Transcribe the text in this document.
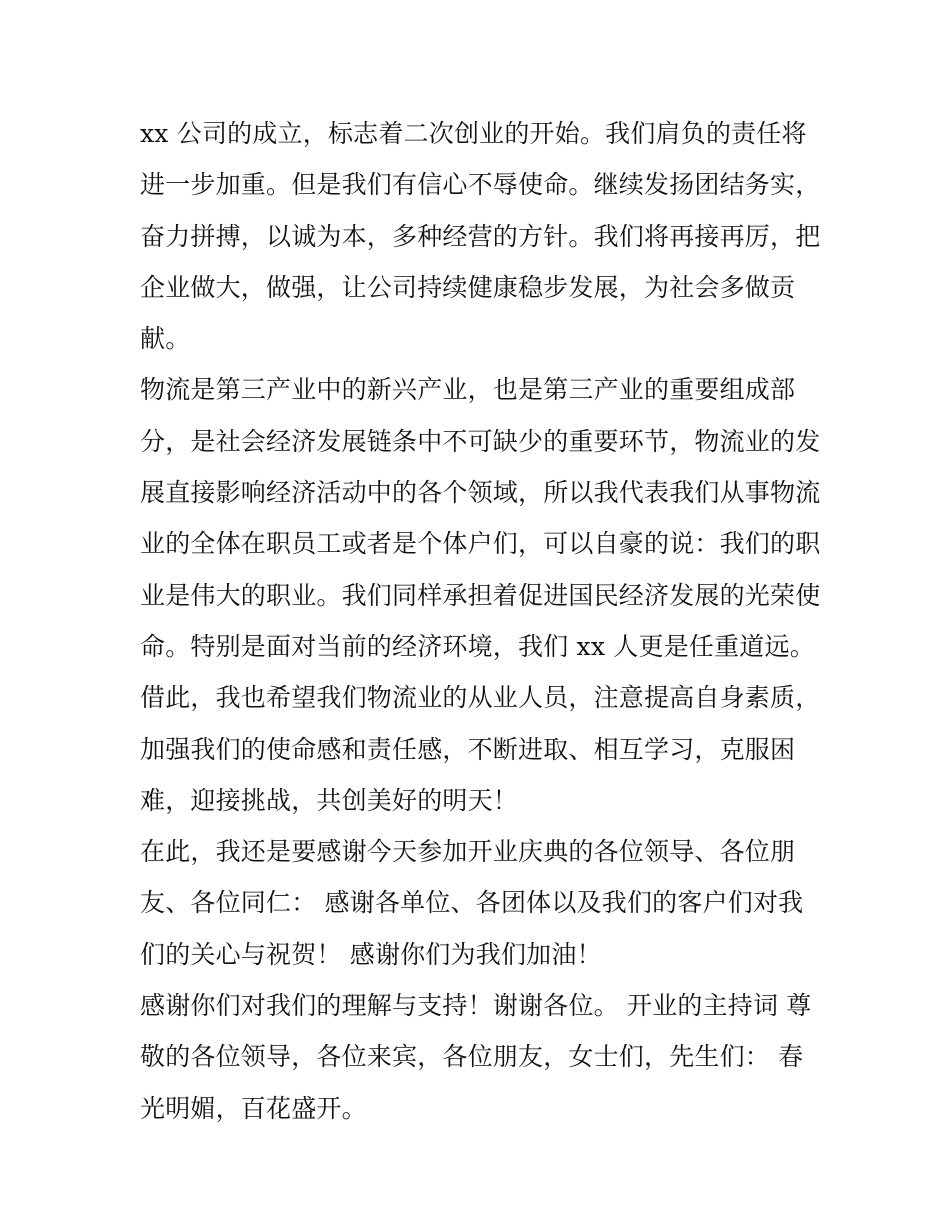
xx 公司的成立，标志着二次创业的开始。我们肩负的责任将
进一步加重。但是我们有信心不辱使命。继续发扬团结务实，
奋力拼搏，以诚为本，多种经营的方针。我们将再接再厉，把
企业做大，做强，让公司持续健康稳步发展，为社会多做贡
献。
物流是第三产业中的新兴产业，也是第三产业的重要组成部
分，是社会经济发展链条中不可缺少的重要环节，物流业的发
展直接影响经济活动中的各个领域，所以我代表我们从事物流
业的全体在职员工或者是个体户们，可以自豪的说：我们的职
业是伟大的职业。我们同样承担着促进国民经济发展的光荣使
命。特别是面对当前的经济环境，我们 xx 人更是任重道远。
借此，我也希望我们物流业的从业人员，注意提高自身素质，
加强我们的使命感和责任感，不断进取、相互学习，克服困
难，迎接挑战，共创美好的明天！
在此，我还是要感谢今天参加开业庆典的各位领导、各位朋
友、各位同仁： 感谢各单位、各团体以及我们的客户们对我
们的关心与祝贺！ 感谢你们为我们加油！
感谢你们对我们的理解与支持！谢谢各位。 开业的主持词 尊
敬的各位领导，各位来宾，各位朋友，女士们，先生们： 春
光明媚，百花盛开。
